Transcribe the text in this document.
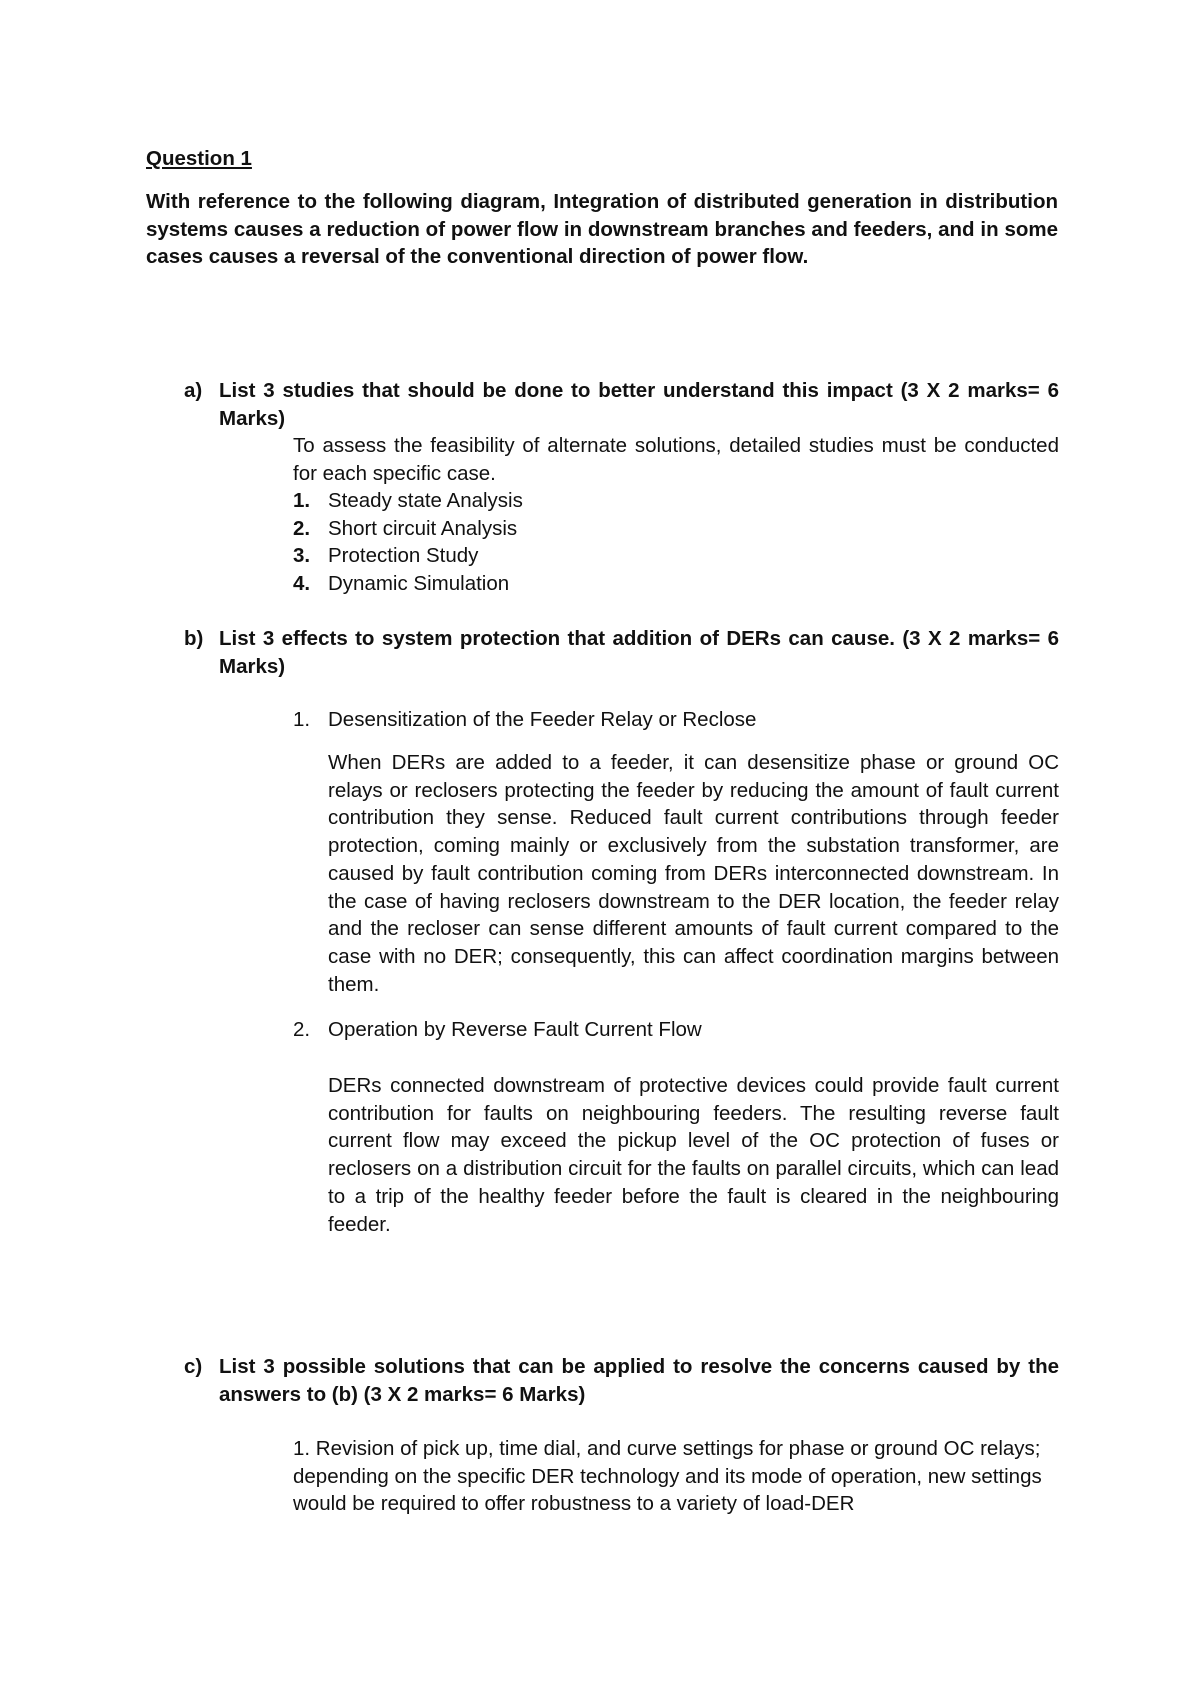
Question 1
With reference to the following diagram, Integration of distributed generation in distribution systems causes a reduction of power flow in downstream branches and feeders, and in some cases causes a reversal of the conventional direction of power flow.
a) List 3 studies that should be done to better understand this impact (3 X 2 marks= 6 Marks)
To assess the feasibility of alternate solutions, detailed studies must be conducted for each specific case.
1. Steady state Analysis
2. Short circuit Analysis
3. Protection Study
4. Dynamic Simulation
b) List 3 effects to system protection that addition of DERs can cause. (3 X 2 marks= 6 Marks)
1. Desensitization of the Feeder Relay or Reclose
When DERs are added to a feeder, it can desensitize phase or ground OC relays or reclosers protecting the feeder by reducing the amount of fault current contribution they sense. Reduced fault current contributions through feeder protection, coming mainly or exclusively from the substation transformer, are caused by fault contribution coming from DERs interconnected downstream. In the case of having reclosers downstream to the DER location, the feeder relay and the recloser can sense different amounts of fault current compared to the case with no DER; consequently, this can affect coordination margins between them.
2. Operation by Reverse Fault Current Flow
DERs connected downstream of protective devices could provide fault current contribution for faults on neighbouring feeders. The resulting reverse fault current flow may exceed the pickup level of the OC protection of fuses or reclosers on a distribution circuit for the faults on parallel circuits, which can lead to a trip of the healthy feeder before the fault is cleared in the neighbouring feeder.
c) List 3 possible solutions that can be applied to resolve the concerns caused by the answers to (b) (3 X 2 marks= 6 Marks)
1. Revision of pick up, time dial, and curve settings for phase or ground OC relays; depending on the specific DER technology and its mode of operation, new settings would be required to offer robustness to a variety of load-DER
